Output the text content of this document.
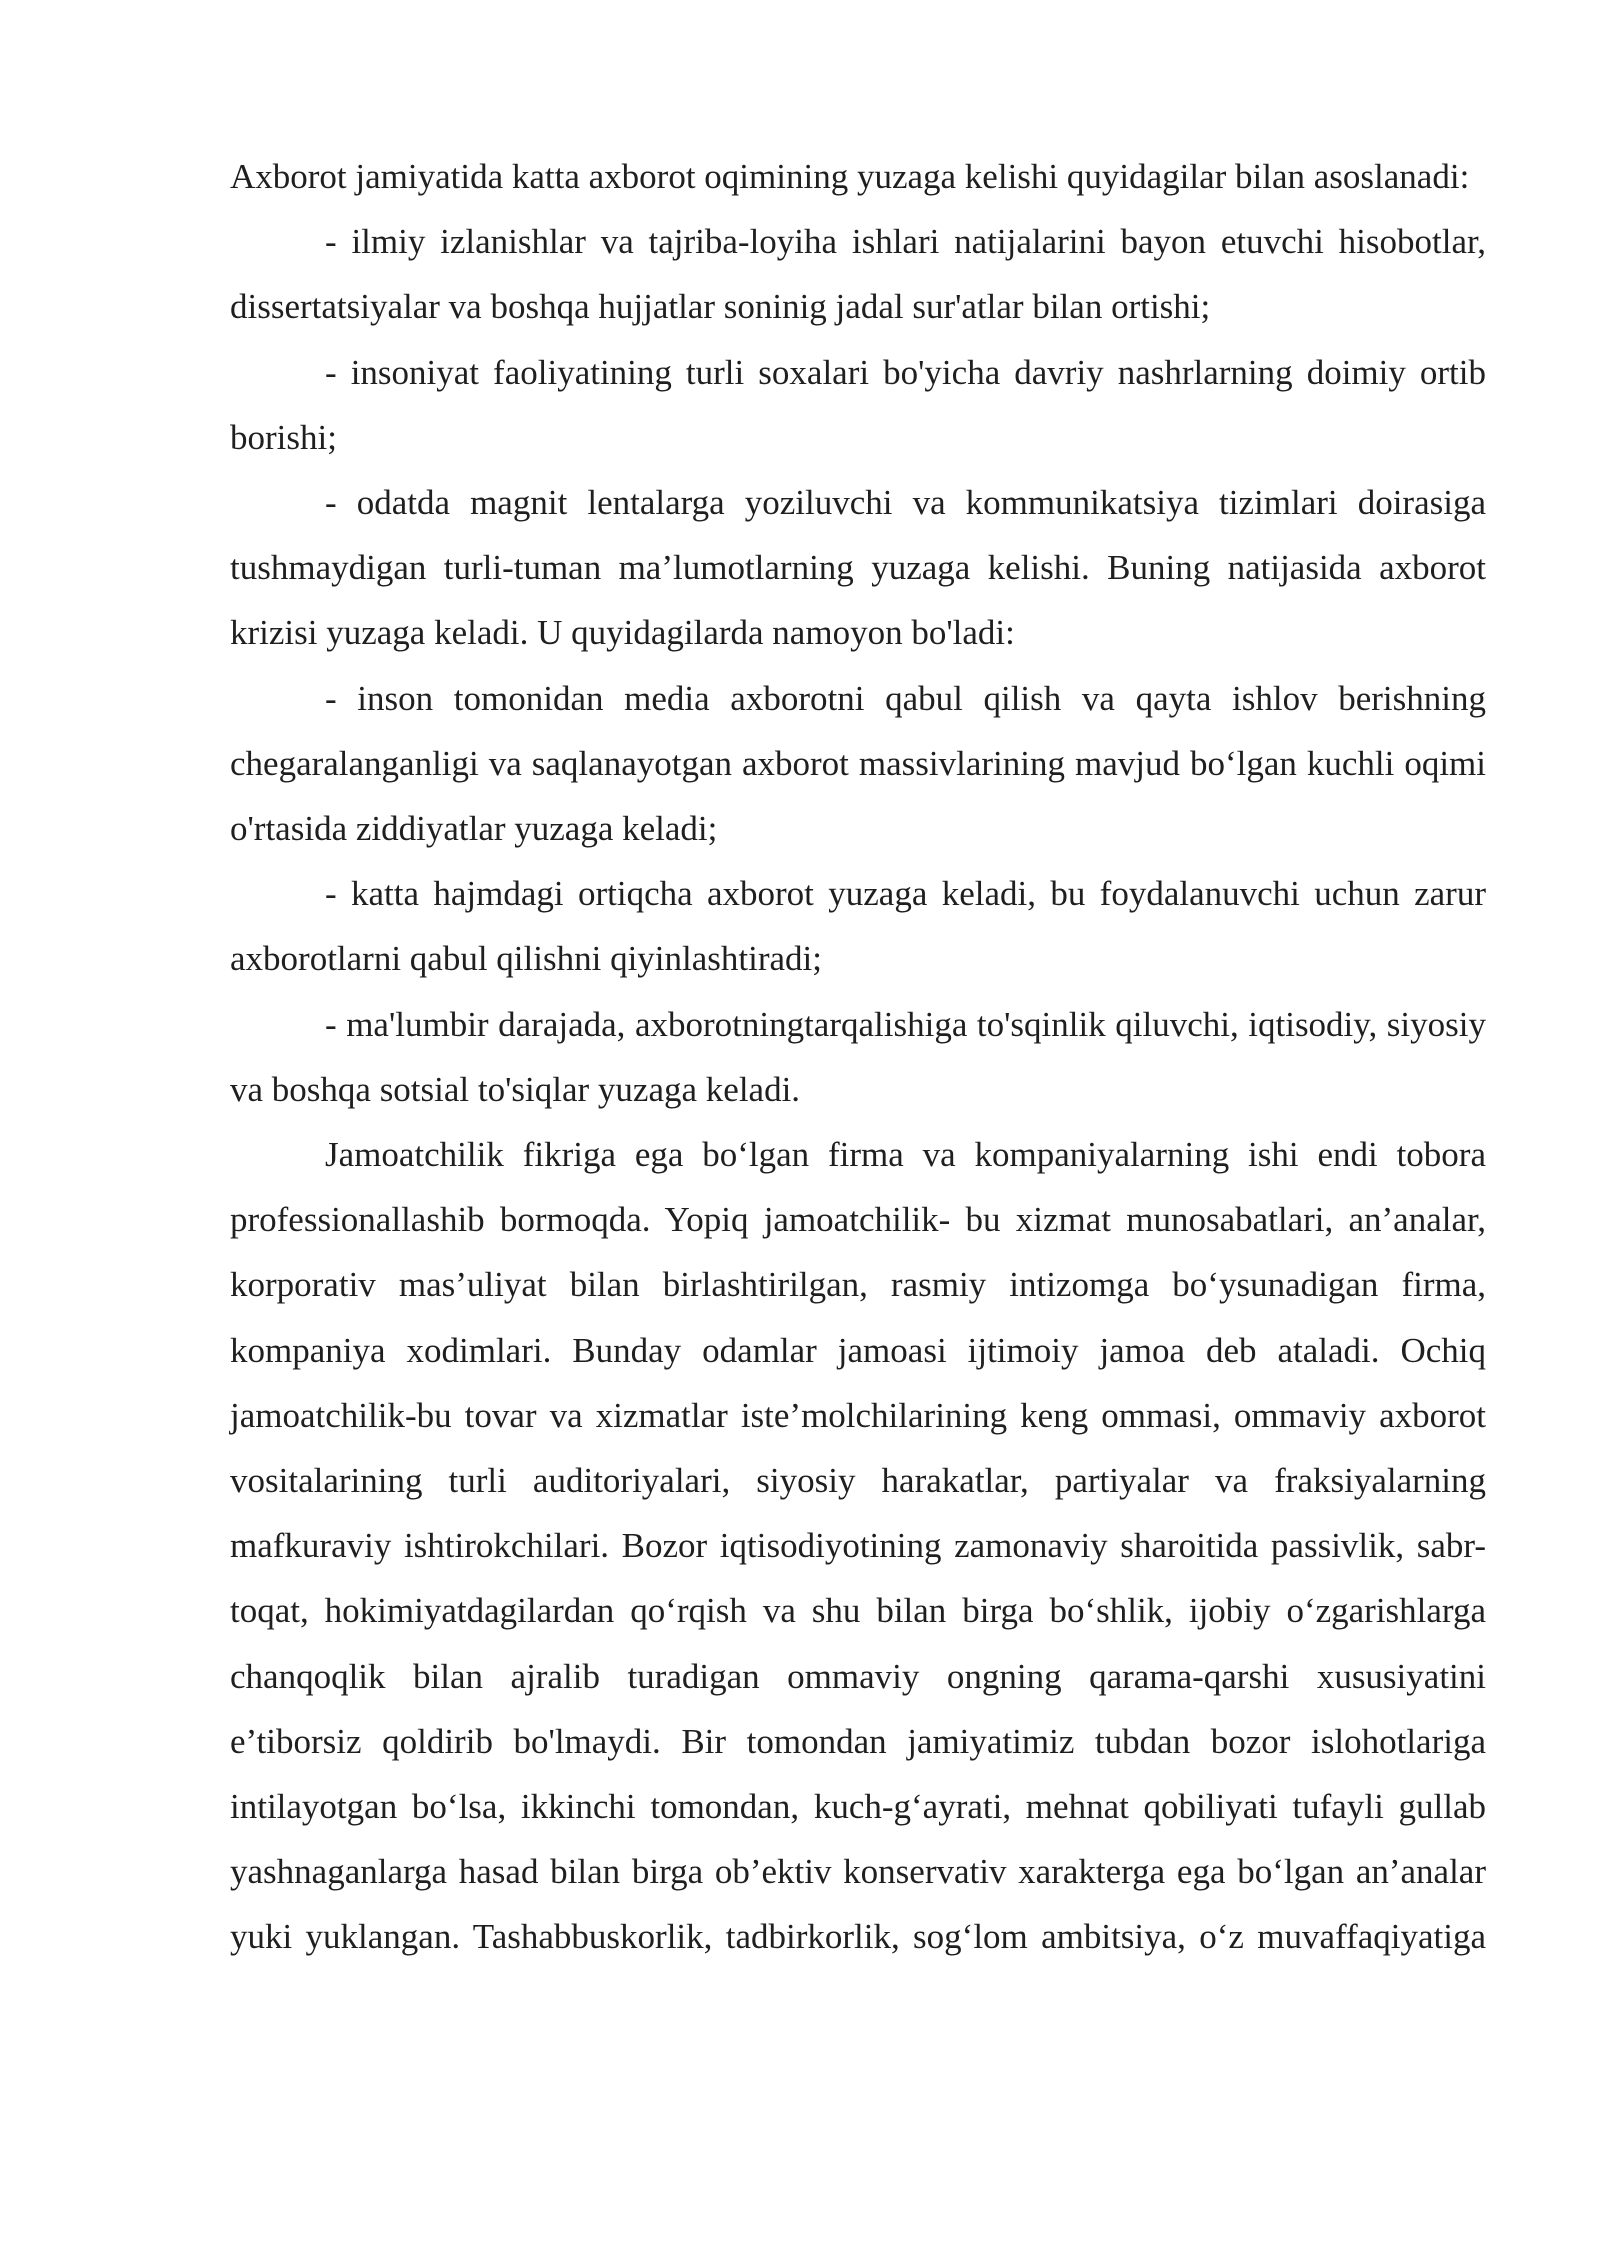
Axborot jamiyatida katta axborot oqimining yuzaga kelishi quyidagilar bilan asoslanadi:

- ilmiy izlanishlar va tajriba-loyiha ishlari natijalarini bayon etuvchi hisobotlar, dissertatsiyalar va boshqa hujjatlar soninig jadal sur'atlar bilan ortishi;

- insoniyat faoliyatining turli soxalari bo'yicha davriy nashrlarning doimiy ortib borishi;

- odatda magnit lentalarga yoziluvchi va kommunikatsiya tizimlari doirasiga tushmaydigan turli-tuman ma’lumotlarning yuzaga kelishi. Buning natijasida axborot krizisi yuzaga keladi. U quyidagilarda namoyon bo'ladi:

- inson tomonidan media axborotni qabul qilish va qayta ishlov berishning chegaralanganligi va saqlanayotgan axborot massivlarining mavjud bo‘lgan kuchli oqimi o'rtasida ziddiyatlar yuzaga keladi;

- katta hajmdagi ortiqcha axborot yuzaga keladi, bu foydalanuvchi uchun zarur axborotlarni qabul qilishni qiyinlashtiradi;

- ma'lumbir darajada, axborotningtarqalishiga to'sqinlik qiluvchi, iqtisodiy, siyosiy va boshqa sotsial to'siqlar yuzaga keladi.

Jamoatchilik fikriga ega bo‘lgan firma va kompaniyalarning ishi endi tobora professionallashib bormoqda. Yopiq jamoatchilik- bu xizmat munosabatlari, an’analar, korporativ mas’uliyat bilan birlashtirilgan, rasmiy intizomga bo‘ysunadigan firma, kompaniya xodimlari. Bunday odamlar jamoasi ijtimoiy jamoa deb ataladi. Ochiq jamoatchilik-bu tovar va xizmatlar iste’molchilarining keng ommasi, ommaviy axborot vositalarining turli auditoriyalari, siyosiy harakatlar, partiyalar va fraksiyalarning mafkuraviy ishtirokchilari. Bozor iqtisodiyotining zamonaviy sharoitida passivlik, sabr-toqat, hokimiyatdagilardan qo‘rqish va shu bilan birga bo‘shlik, ijobiy o‘zgarishlarga chanqoqlik bilan ajralib turadigan ommaviy ongning qarama-qarshi xususiyatini e’tiborsiz qoldirib bo'lmaydi. Bir tomondan jamiyatimiz tubdan bozor islohotlariga intilayotgan bo‘lsa, ikkinchi tomondan, kuch-g‘ayrati, mehnat qobiliyati tufayli gullab yashnaganlarga hasad bilan birga ob’ektiv konservativ xarakterga ega bo‘lgan an’analar yuki yuklangan. Tashabbuskorlik, tadbirkorlik, sog‘lom ambitsiya, o‘z muvaffaqiyatiga
